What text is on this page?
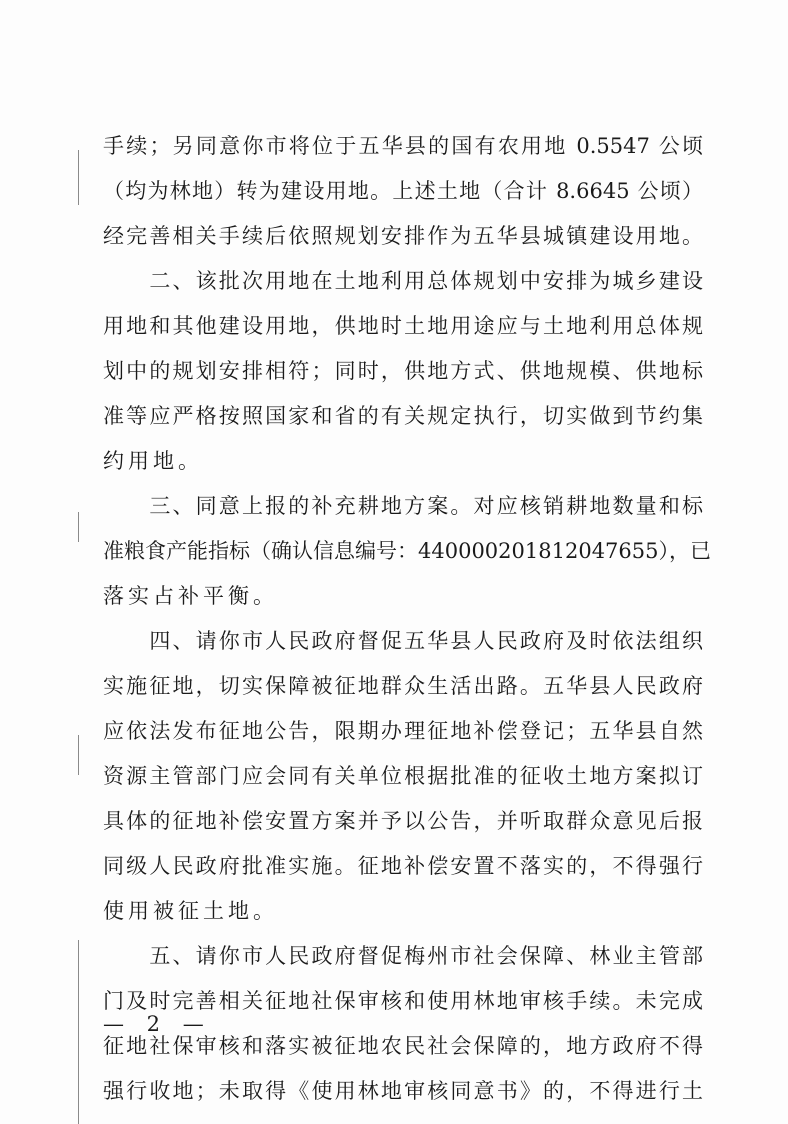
手续；另同意你市将位于五华县的国有农用地 0.5547 公顷
（均为林地）转为建设用地。上述土地（合计 8.6645 公顷）
经完善相关手续后依照规划安排作为五华县城镇建设用地。
　　二、该批次用地在土地利用总体规划中安排为城乡建设
用地和其他建设用地，供地时土地用途应与土地利用总体规
划中的规划安排相符；同时，供地方式、供地规模、供地标
准等应严格按照国家和省的有关规定执行，切实做到节约集
约用地。
　　三、同意上报的补充耕地方案。对应核销耕地数量和标
准粮食产能指标（确认信息编号：440000201812047655），已
落实占补平衡。
　　四、请你市人民政府督促五华县人民政府及时依法组织
实施征地，切实保障被征地群众生活出路。五华县人民政府
应依法发布征地公告，限期办理征地补偿登记；五华县自然
资源主管部门应会同有关单位根据批准的征收土地方案拟订
具体的征地补偿安置方案并予以公告，并听取群众意见后报
同级人民政府批准实施。征地补偿安置不落实的，不得强行
使用被征土地。
　　五、请你市人民政府督促梅州市社会保障、林业主管部
门及时完善相关征地社保审核和使用林地审核手续。未完成
征地社保审核和落实被征地农民社会保障的，地方政府不得
强行收地；未取得《使用林地审核同意书》的，不得进行土
— 2 —
